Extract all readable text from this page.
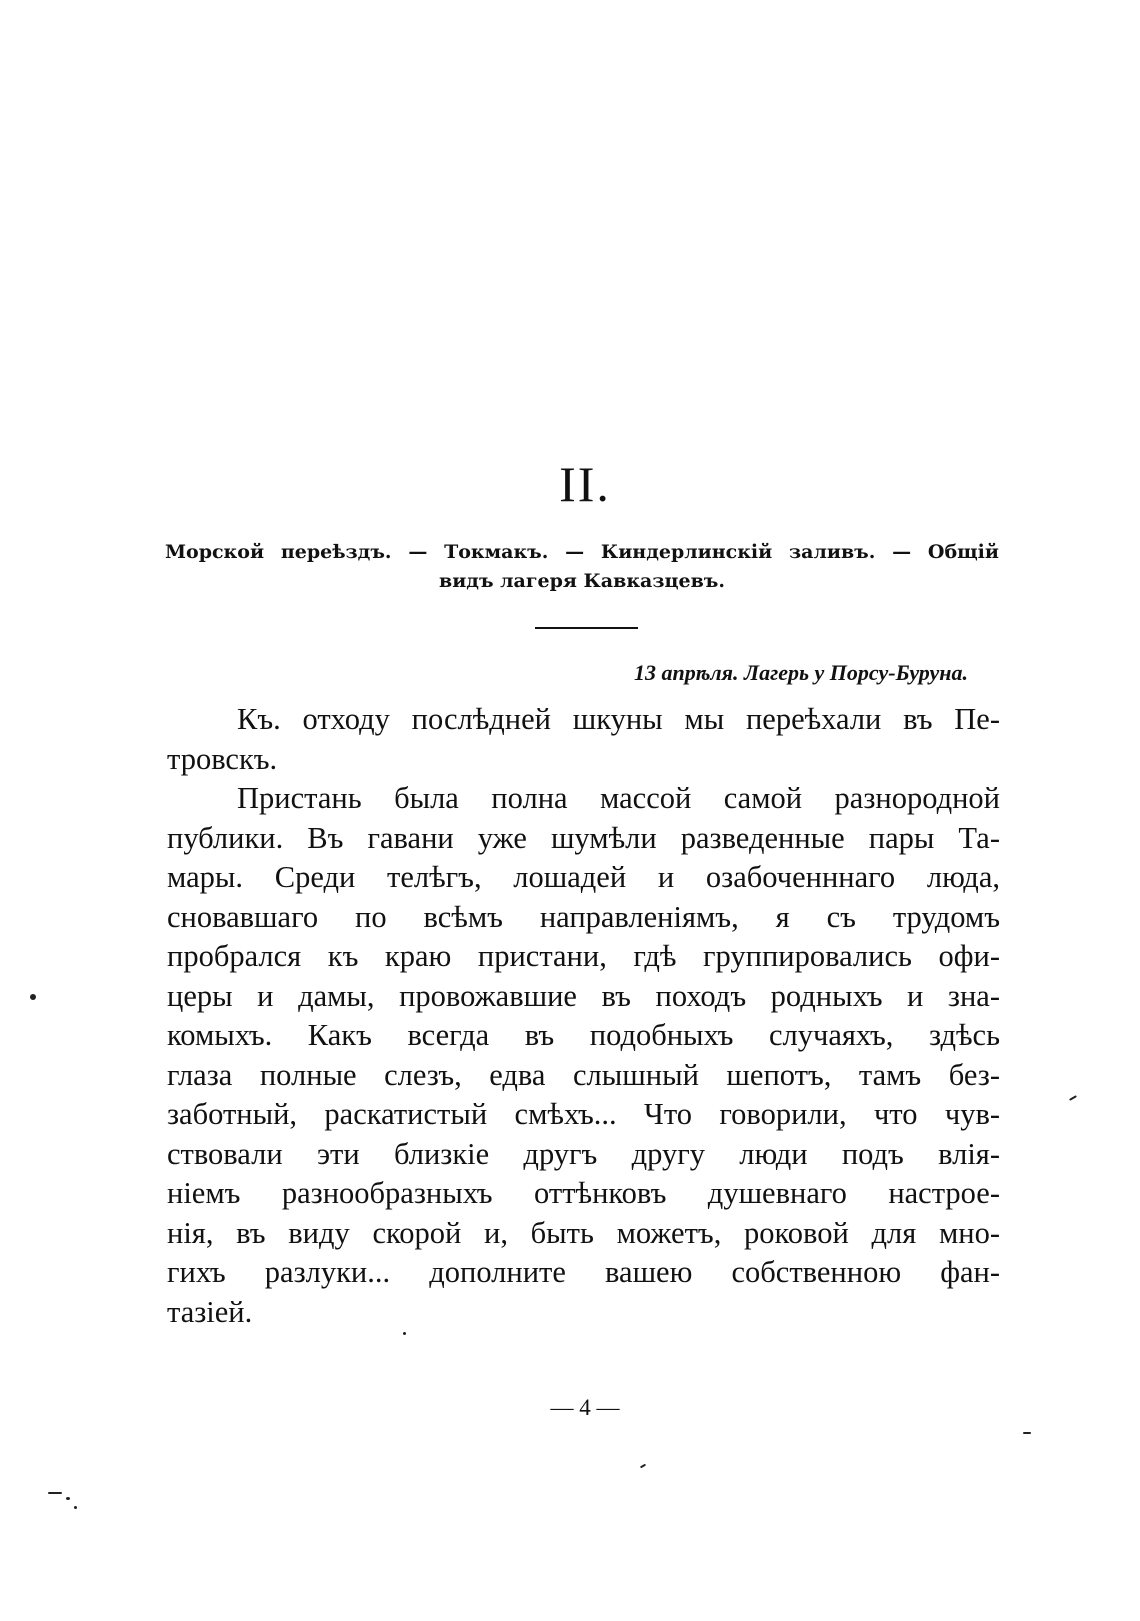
II.
Морской переѣздъ. — Токмакъ. — Киндерлинскій заливъ. — Общій
видъ лагеря Кавказцевъ.
13 апрѣля. Лагерь у Порсу-Буруна.
Къ. отходу послѣдней шкуны мы переѣхали въ Пе-
тровскъ.
Пристань была полна массой самой разнородной
публики. Въ гавани уже шумѣли разведенные пары Та-
мары. Среди телѣгъ, лошадей и озабоченннаго люда,
сновавшаго по всѣмъ направленіямъ, я съ трудомъ
пробрался къ краю пристани, гдѣ группировались офи-
церы и дамы, провожавшие въ походъ родныхъ и зна-
комыхъ. Какъ всегда въ подобныхъ случаяхъ, здѣсь
глаза полные слезъ, едва слышный шепотъ, тамъ без-
заботный, раскатистый смѣхъ... Что говорили, что чув-
ствовали эти близкіе другъ другу люди подъ влія-
ніемъ разнообразныхъ оттѣнковъ душевнаго настрое-
нія, въ виду скорой и, быть можетъ, роковой для мно-
гихъ разлуки... дополните вашею собственною фан-
тазіей.
— 4 —
